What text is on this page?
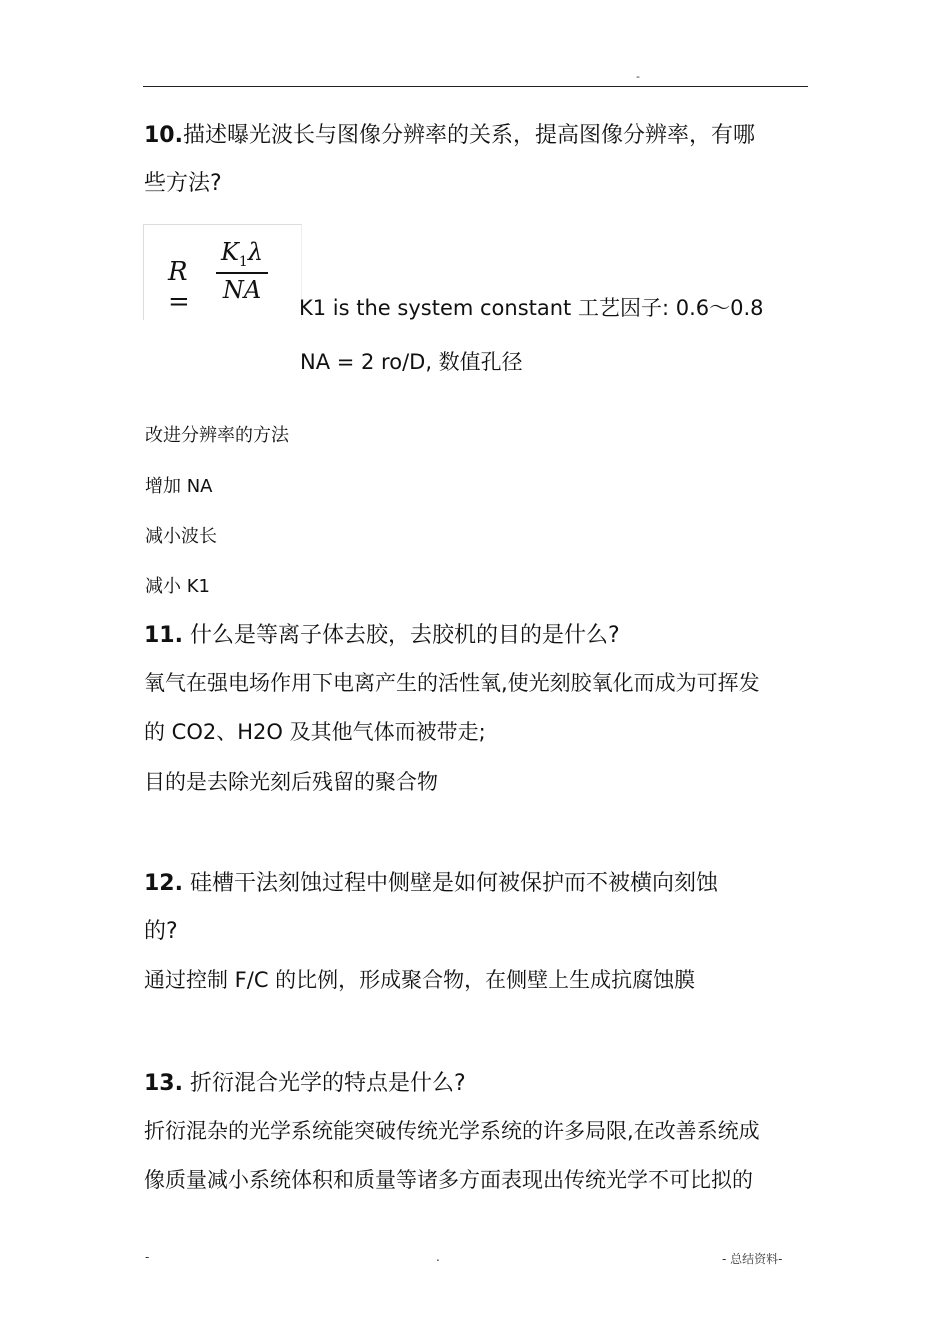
-
10.描述曝光波长与图像分辨率的关系，提高图像分辨率，有哪
些方法?
R =
$K_1\lambda$
NA
K1 is the system constant 工艺因子: 0.6～0.8
NA = 2 ro/D, 数值孔径
改进分辨率的方法
增加 NA
减小波长
减小 K1
11. 什么是等离子体去胶，去胶机的目的是什么?
氧气在强电场作用下电离产生的活性氧,使光刻胶氧化而成为可挥发
的 CO2、H2O 及其他气体而被带走;
目的是去除光刻后残留的聚合物
12. 硅槽干法刻蚀过程中侧壁是如何被保护而不被横向刻蚀
的?
通过控制 F/C 的比例，形成聚合物，在侧壁上生成抗腐蚀膜
13. 折衍混合光学的特点是什么?
折衍混杂的光学系统能突破传统光学系统的许多局限,在改善系统成
像质量减小系统体积和质量等诸多方面表现出传统光学不可比拟的
-	.	- 总结资料-
